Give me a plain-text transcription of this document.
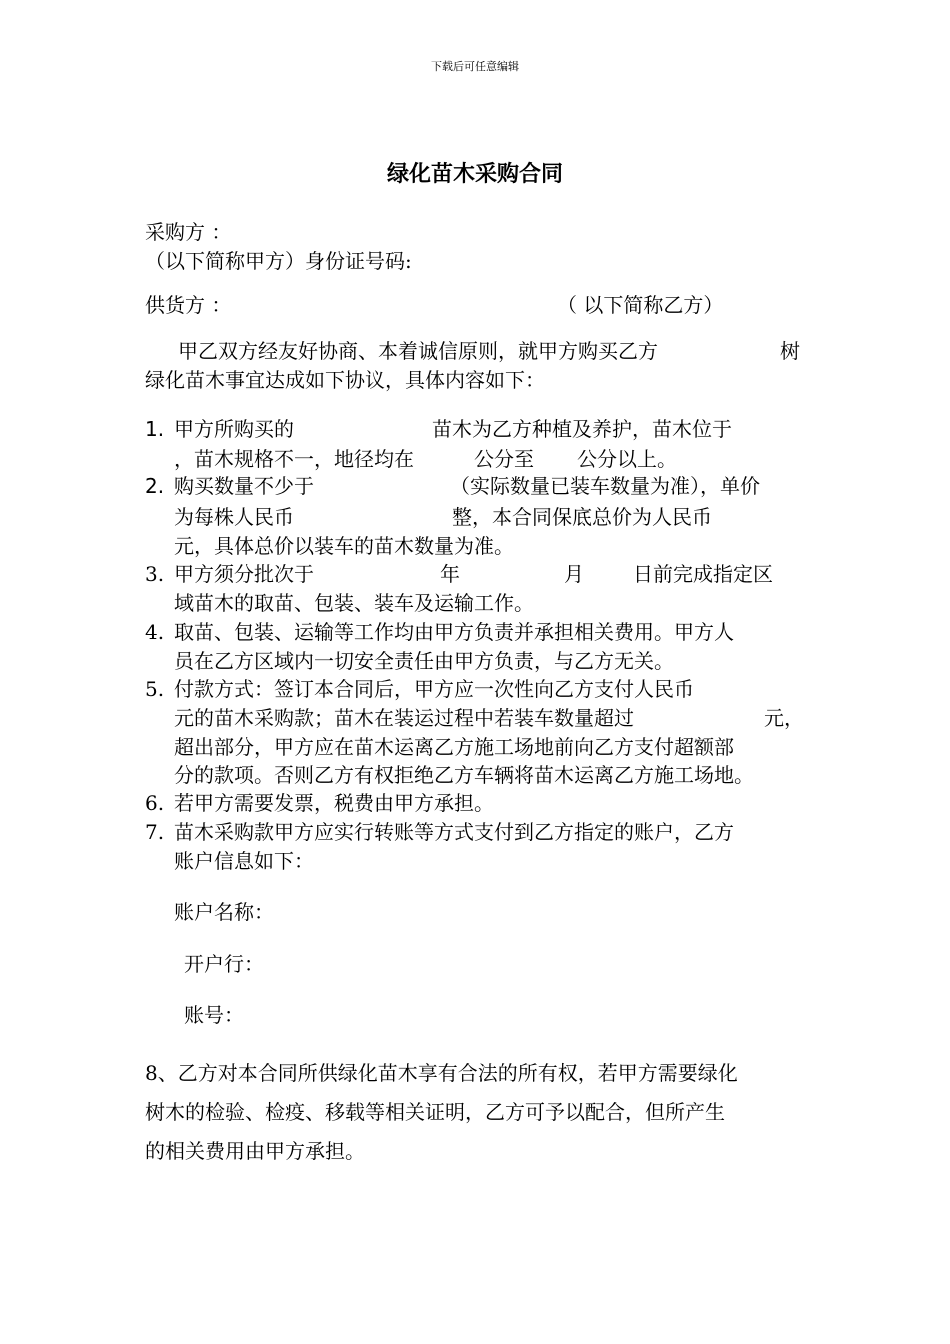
下载后可任意编辑
绿化苗木采购合同
采购方 ：
（以下简称甲方）身份证号码:
供货方 ：	（ 以下简称乙方）
甲乙双方经友好协商、本着诚信原则，就甲方购买乙方	树
绿化苗木事宜达成如下协议，具体内容如下：
1. 甲方所购买的	苗木为乙方种植及养护，苗木位于
，苗木规格不一，地径均在	公分至 公分以上。
2. 购买数量不少于	（实际数量已装车数量为准），单价
为每株人民币	整，本合同保底总价为人民币
元，具体总价以装车的苗木数量为准。
3. 甲方须分批次于	年	月 日前完成指定区
域苗木的取苗、包装、装车及运输工作。
4. 取苗、包装、运输等工作均由甲方负责并承担相关费用。甲方人
员在乙方区域内一切安全责任由甲方负责，与乙方无关。
5. 付款方式：签订本合同后，甲方应一次性向乙方支付人民币
元的苗木采购款；苗木在装运过程中若装车数量超过	元，
超出部分，甲方应在苗木运离乙方施工场地前向乙方支付超额部
分的款项。否则乙方有权拒绝乙方车辆将苗木运离乙方施工场地。
6. 若甲方需要发票，税费由甲方承担。
7. 苗木采购款甲方应实行转账等方式支付到乙方指定的账户，乙方
账户信息如下：
账户名称：
开户行：
账号：
8、乙方对本合同所供绿化苗木享有合法的所有权，若甲方需要绿化
树木的检验、检疫、移载等相关证明，乙方可予以配合，但所产生
的相关费用由甲方承担。
